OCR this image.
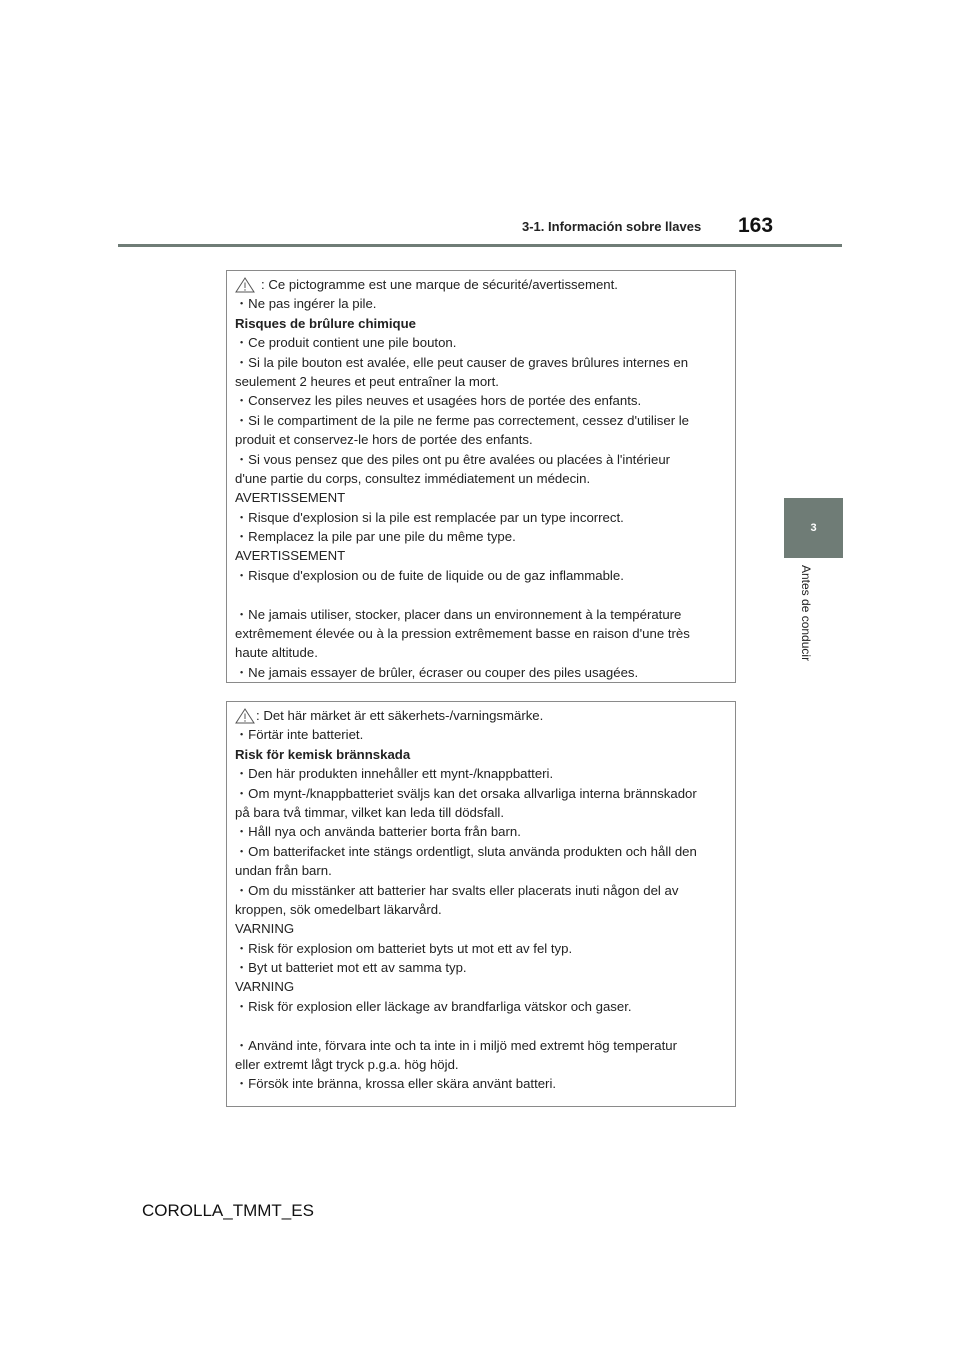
3-1. Información sobre llaves 163
3
Antes de conducir
: Ce pictogramme est une marque de sécurité/avertissement.
・Ne pas ingérer la pile.
Risques de brûlure chimique
・Ce produit contient une pile bouton.
・Si la pile bouton est avalée, elle peut causer de graves brûlures internes en
seulement 2 heures et peut entraîner la mort.
・Conservez les piles neuves et usagées hors de portée des enfants.
・Si le compartiment de la pile ne ferme pas correctement, cessez d'utiliser le
produit et conservez-le hors de portée des enfants.
・Si vous pensez que des piles ont pu être avalées ou placées à l'intérieur
d'une partie du corps, consultez immédiatement un médecin.
AVERTISSEMENT
・Risque d'explosion si la pile est remplacée par un type incorrect.
・Remplacez la pile par une pile du même type.
AVERTISSEMENT
・Risque d'explosion ou de fuite de liquide ou de gaz inflammable.
・Ne jamais utiliser, stocker, placer dans un environnement à la température
extrêmement élevée ou à la pression extrêmement basse en raison d'une très
haute altitude.
・Ne jamais essayer de brûler, écraser ou couper des piles usagées.
: Det här märket är ett säkerhets-/varningsmärke.
・Förtär inte batteriet.
Risk för kemisk brännskada
・Den här produkten innehåller ett mynt-/knappbatteri.
・Om mynt-/knappbatteriet sväljs kan det orsaka allvarliga interna brännskador
på bara två timmar, vilket kan leda till dödsfall.
・Håll nya och använda batterier borta från barn.
・Om batterifacket inte stängs ordentligt, sluta använda produkten och håll den
undan från barn.
・Om du misstänker att batterier har svalts eller placerats inuti någon del av
kroppen, sök omedelbart läkarvård.
VARNING
・Risk för explosion om batteriet byts ut mot ett av fel typ.
・Byt ut batteriet mot ett av samma typ.
VARNING
・Risk för explosion eller läckage av brandfarliga vätskor och gaser.
・Använd inte, förvara inte och ta inte in i miljö med extremt hög temperatur
eller extremt lågt tryck p.g.a. hög höjd.
・Försök inte bränna, krossa eller skära använt batteri.
COROLLA_TMMT_ES
